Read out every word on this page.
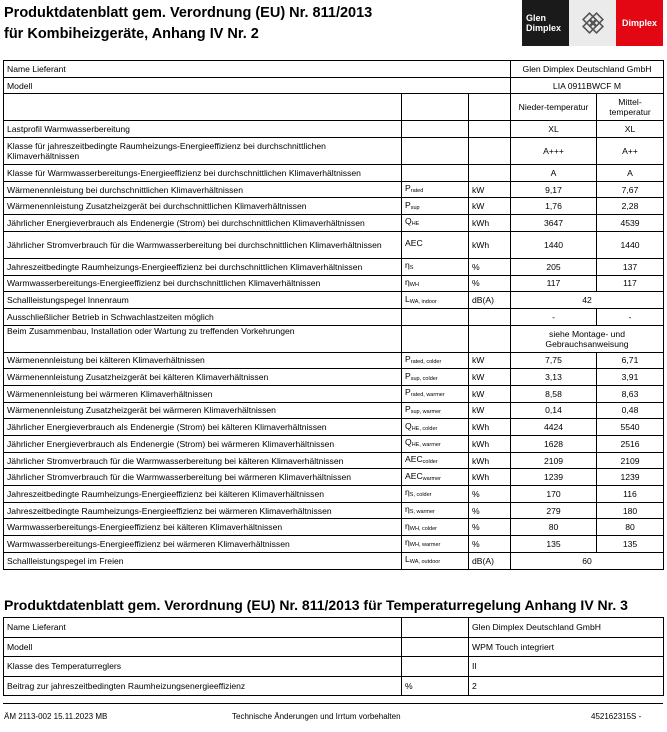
Produktdatenblatt gem. Verordnung (EU) Nr. 811/2013
für Kombiheizgeräte, Anhang IV Nr. 2
Glen
Dimplex	Dimplex
Name Lieferant			Glen Dimplex Deutschland GmbH	
Modell			LIA 0911BWCF M	
			Nieder-temperatur	Mittel-temperatur
Lastprofil Warmwasserbereitung			XL	XL
Klasse für jahreszeitbedingte Raumheizungs-Energieeffizienz bei durchschnittlichen Klimaverhältnissen			A+++	A++
Klasse für Warmwasserbereitungs-Energieeffizienz bei durchschnittlichen Klimaverhältnissen			A	A
Wärmenennleistung bei durchschnittlichen Klimaverhältnissen	$P_{rated}$	kW	9,17	7,67
Wärmenennleistung Zusatzheizgerät bei durchschnittlichen Klimaverhältnissen	$P_{sup}$	kW	1,76	2,28
Jährlicher Energieverbrauch als Endenergie (Strom) bei durchschnittlichen Klimaverhältnissen	$Q_{HE}$	kWh	3647	4539
Jährlicher Stromverbrauch für die Warmwasserbereitung bei durchschnittlichen Klimaverhältnissen	AEC	kWh	1440	1440
Jahreszeitbedingte Raumheizungs-Energieeffizienz bei durchschnittlichen Klimaverhältnissen	$\eta_S$	%	205	137
Warmwasserbereitungs-Energieeffizienz bei durchschnittlichen Klimaverhältnissen	$\eta_{WH}$	%	117	117
Schallleistungspegel Innenraum	$L_{WA, indoor}$	dB(A)	42	
Ausschließlicher Betrieb in Schwachlastzeiten möglich			-	-
Beim Zusammenbau, Installation oder Wartung zu treffenden Vorkehrungen			siehe Montage- und Gebrauchsanweisung	
Wärmenennleistung bei kälteren Klimaverhältnissen	$P_{rated, colder}$	kW	7,75	6,71
Wärmenennleistung Zusatzheizgerät bei kälteren Klimaverhältnissen	$P_{sup, colder}$	kW	3,13	3,91
Wärmenennleistung bei wärmeren Klimaverhältnissen	$P_{rated, warmer}$	kW	8,58	8,63
Wärmenennleistung Zusatzheizgerät bei wärmeren Klimaverhältnissen	$P_{sup, warmer}$	kW	0,14	0,48
Jährlicher Energieverbrauch als Endenergie (Strom) bei kälteren Klimaverhältnissen	$Q_{HE, colder}$	kWh	4424	5540
Jährlicher Energieverbrauch als Endenergie (Strom) bei wärmeren Klimaverhältnissen	$Q_{HE, warmer}$	kWh	1628	2516
Jährlicher Stromverbrauch für die Warmwasserbereitung bei kälteren Klimaverhältnissen	$AEC_{colder}$	kWh	2109	2109
Jährlicher Stromverbrauch für die Warmwasserbereitung bei wärmeren Klimaverhältnissen	$AEC_{warmer}$	kWh	1239	1239
Jahreszeitbedingte Raumheizungs-Energieeffizienz bei kälteren Klimaverhältnissen	$\eta_{S, colder}$	%	170	116
Jahreszeitbedingte Raumheizungs-Energieeffizienz bei wärmeren Klimaverhältnissen	$\eta_{S, warmer}$	%	279	180
Warmwasserbereitungs-Energieeffizienz bei kälteren Klimaverhältnissen	$\eta_{WH, colder}$	%	80	80
Warmwasserbereitungs-Energieeffizienz bei wärmeren Klimaverhältnissen	$\eta_{WH, warmer}$	%	135	135
Schallleistungspegel im Freien	$L_{WA, outdoor}$	dB(A)	60	
Produktdatenblatt gem. Verordnung (EU) Nr. 811/2013 für Temperaturregelung Anhang IV Nr. 3
Name Lieferant		Glen Dimplex Deutschland GmbH
Modell		WPM Touch integriert
Klasse des Temperaturreglers		II
Beitrag zur jahreszeitbedingten Raumheizungsenergieeffizienz	%	2
ÄM 2113-002 15.11.2023 MB	Technische Änderungen und Irrtum vorbehalten	452162315S -
